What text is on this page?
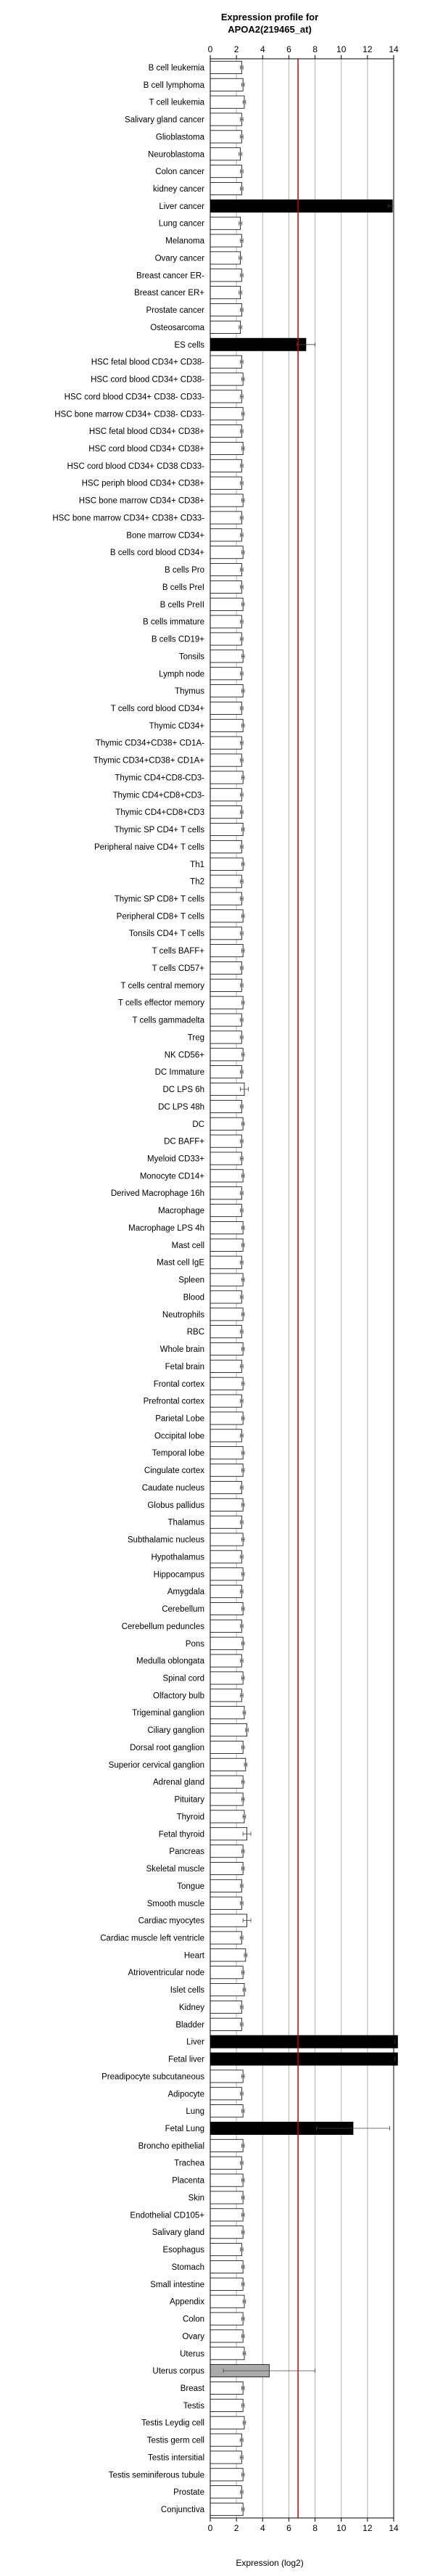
Expression profile for
APOA2(219465_at)
0 2 4 6 8 10 12 14
0 2 4 6 8 10 12 14
B cell leukemia
B cell lymphoma
T cell leukemia
Salivary gland cancer
Glioblastoma
Neuroblastoma
Colon cancer
kidney cancer
Liver cancer
Lung cancer
Melanoma
Ovary cancer
Breast cancer ER-
Breast cancer ER+
Prostate cancer
Osteosarcoma
ES cells
HSC fetal blood CD34+ CD38-
HSC cord blood CD34+ CD38-
HSC cord blood CD34+ CD38- CD33-
HSC bone marrow CD34+ CD38- CD33-
HSC fetal blood CD34+ CD38+
HSC cord blood CD34+ CD38+
HSC cord blood CD34+ CD38 CD33-
HSC periph blood CD34+ CD38+
HSC bone marrow CD34+ CD38+
HSC bone marrow CD34+ CD38+ CD33-
Bone marrow CD34+
B cells cord blood CD34+
B cells Pro
B cells PreI
B cells PreII
B cells immature
B cells CD19+
Tonsils
Lymph node
Thymus
T cells cord blood CD34+
Thymic CD34+
Thymic CD34+CD38+ CD1A-
Thymic CD34+CD38+ CD1A+
Thymic CD4+CD8-CD3-
Thymic CD4+CD8+CD3-
Thymic CD4+CD8+CD3
Thymic SP CD4+ T cells
Peripheral naive CD4+ T cells
Th1
Th2
Thymic SP CD8+ T cells
Peripheral CD8+ T cells
Tonsils CD4+ T cells
T cells BAFF+
T cells CD57+
T cells central memory
T cells effector memory
T cells gammadelta
Treg
NK CD56+
DC Immature
DC LPS 6h
DC LPS 48h
DC
DC BAFF+
Myeloid CD33+
Monocyte CD14+
Derived Macrophage 16h
Macrophage
Macrophage LPS 4h
Mast cell
Mast cell IgE
Spleen
Blood
Neutrophils
RBC
Whole brain
Fetal brain
Frontal cortex
Prefrontal cortex
Parietal Lobe
Occipital lobe
Temporal lobe
Cingulate cortex
Caudate nucleus
Globus pallidus
Thalamus
Subthalamic nucleus
Hypothalamus
Hippocampus
Amygdala
Cerebellum
Cerebellum peduncles
Pons
Medulla oblongata
Spinal cord
Olfactory bulb
Trigeminal ganglion
Ciliary ganglion
Dorsal root ganglion
Superior cervical ganglion
Adrenal gland
Pituitary
Thyroid
Fetal thyroid
Pancreas
Skeletal muscle
Tongue
Smooth muscle
Cardiac myocytes
Cardiac muscle left ventricle
Heart
Atrioventricular node
Islet cells
Kidney
Bladder
Liver
Fetal liver
Preadipocyte subcutaneous
Adipocyte
Lung
Fetal Lung
Broncho epithelial
Trachea
Placenta
Skin
Endothelial CD105+
Salivary gland
Esophagus
Stomach
Small intestine
Appendix
Colon
Ovary
Uterus
Uterus corpus
Breast
Testis
Testis Leydig cell
Testis germ cell
Testis intersitial
Testis seminiferous tubule
Prostate
Conjunctiva
Expression (log2)
